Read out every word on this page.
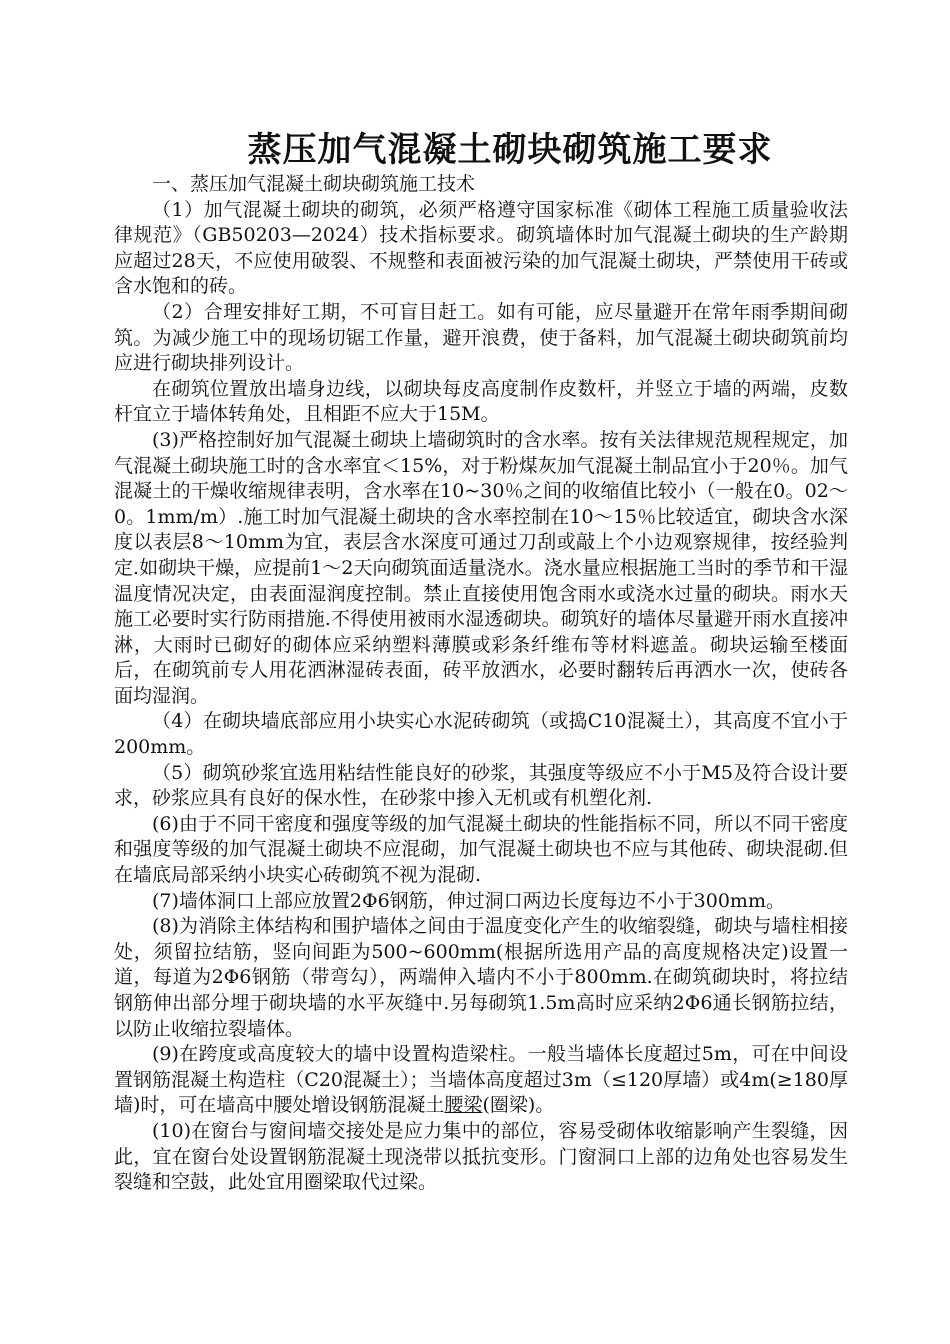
蒸压加气混凝土砌块砌筑施工要求

一、蒸压加气混凝土砌块砌筑施工技术

（1）加气混凝土砌块的砌筑，必须严格遵守国家标准《砌体工程施工质量验收法律规范》（GB50203—2024）技术指标要求。砌筑墙体时加气混凝土砌块的生产龄期应超过28天，不应使用破裂、不规整和表面被污染的加气混凝土砌块，严禁使用干砖或含水饱和的砖。

（2）合理安排好工期，不可盲目赶工。如有可能，应尽量避开在常年雨季期间砌筑。为减少施工中的现场切锯工作量，避开浪费，使于备料，加气混凝土砌块砌筑前均应进行砌块排列设计。

在砌筑位置放出墙身边线，以砌块每皮高度制作皮数杆，并竖立于墙的两端，皮数杆宜立于墙体转角处，且相距不应大于15M。

(3)严格控制好加气混凝土砌块上墙砌筑时的含水率。按有关法律规范规程规定，加气混凝土砌块施工时的含水率宜＜15%，对于粉煤灰加气混凝土制品宜小于20％。加气混凝土的干燥收缩规律表明，含水率在10~30％之间的收缩值比较小（一般在0。02～0。1mm/m）.施工时加气混凝土砌块的含水率控制在10～15％比较适宜，砌块含水深度以表层8～10mm为宜，表层含水深度可通过刀刮或敲上个小边观察规律，按经验判定.如砌块干燥，应提前1～2天向砌筑面适量浇水。浇水量应根据施工当时的季节和干湿温度情况决定，由表面湿润度控制。禁止直接使用饱含雨水或浇水过量的砌块。雨水天施工必要时实行防雨措施.不得使用被雨水湿透砌块。砌筑好的墙体尽量避开雨水直接冲淋，大雨时已砌好的砌体应采纳塑料薄膜或彩条纤维布等材料遮盖。砌块运输至楼面后，在砌筑前专人用花洒淋湿砖表面，砖平放洒水，必要时翻转后再洒水一次，使砖各面均湿润。

（4）在砌块墙底部应用小块实心水泥砖砌筑（或捣C10混凝土），其高度不宜小于200mm。

（5）砌筑砂浆宜选用粘结性能良好的砂浆，其强度等级应不小于M5及符合设计要求，砂浆应具有良好的保水性，在砂浆中掺入无机或有机塑化剂.

(6)由于不同干密度和强度等级的加气混凝土砌块的性能指标不同，所以不同干密度和强度等级的加气混凝土砌块不应混砌，加气混凝土砌块也不应与其他砖、砌块混砌.但在墙底局部采纳小块实心砖砌筑不视为混砌.

(7)墙体洞口上部应放置2Φ6钢筋，伸过洞口两边长度每边不小于300mm。

(8)为消除主体结构和围护墙体之间由于温度变化产生的收缩裂缝，砌块与墙柱相接处，须留拉结筋，竖向间距为500~600mm(根据所选用产品的高度规格决定)设置一道，每道为2Φ6钢筋（带弯勾），两端伸入墙内不小于800mm.在砌筑砌块时，将拉结钢筋伸出部分埋于砌块墙的水平灰缝中.另每砌筑1.5m高时应采纳2Φ6通长钢筋拉结，以防止收缩拉裂墙体。

(9)在跨度或高度较大的墙中设置构造梁柱。一般当墙体长度超过5m，可在中间设置钢筋混凝土构造柱（C20混凝土）；当墙体高度超过3m（≤120厚墙）或4m(≥180厚墙)时，可在墙高中腰处增设钢筋混凝土腰梁(圈梁)。

(10)在窗台与窗间墙交接处是应力集中的部位，容易受砌体收缩影响产生裂缝，因此，宜在窗台处设置钢筋混凝土现浇带以抵抗变形。门窗洞口上部的边角处也容易发生裂缝和空鼓，此处宜用圈梁取代过梁。
